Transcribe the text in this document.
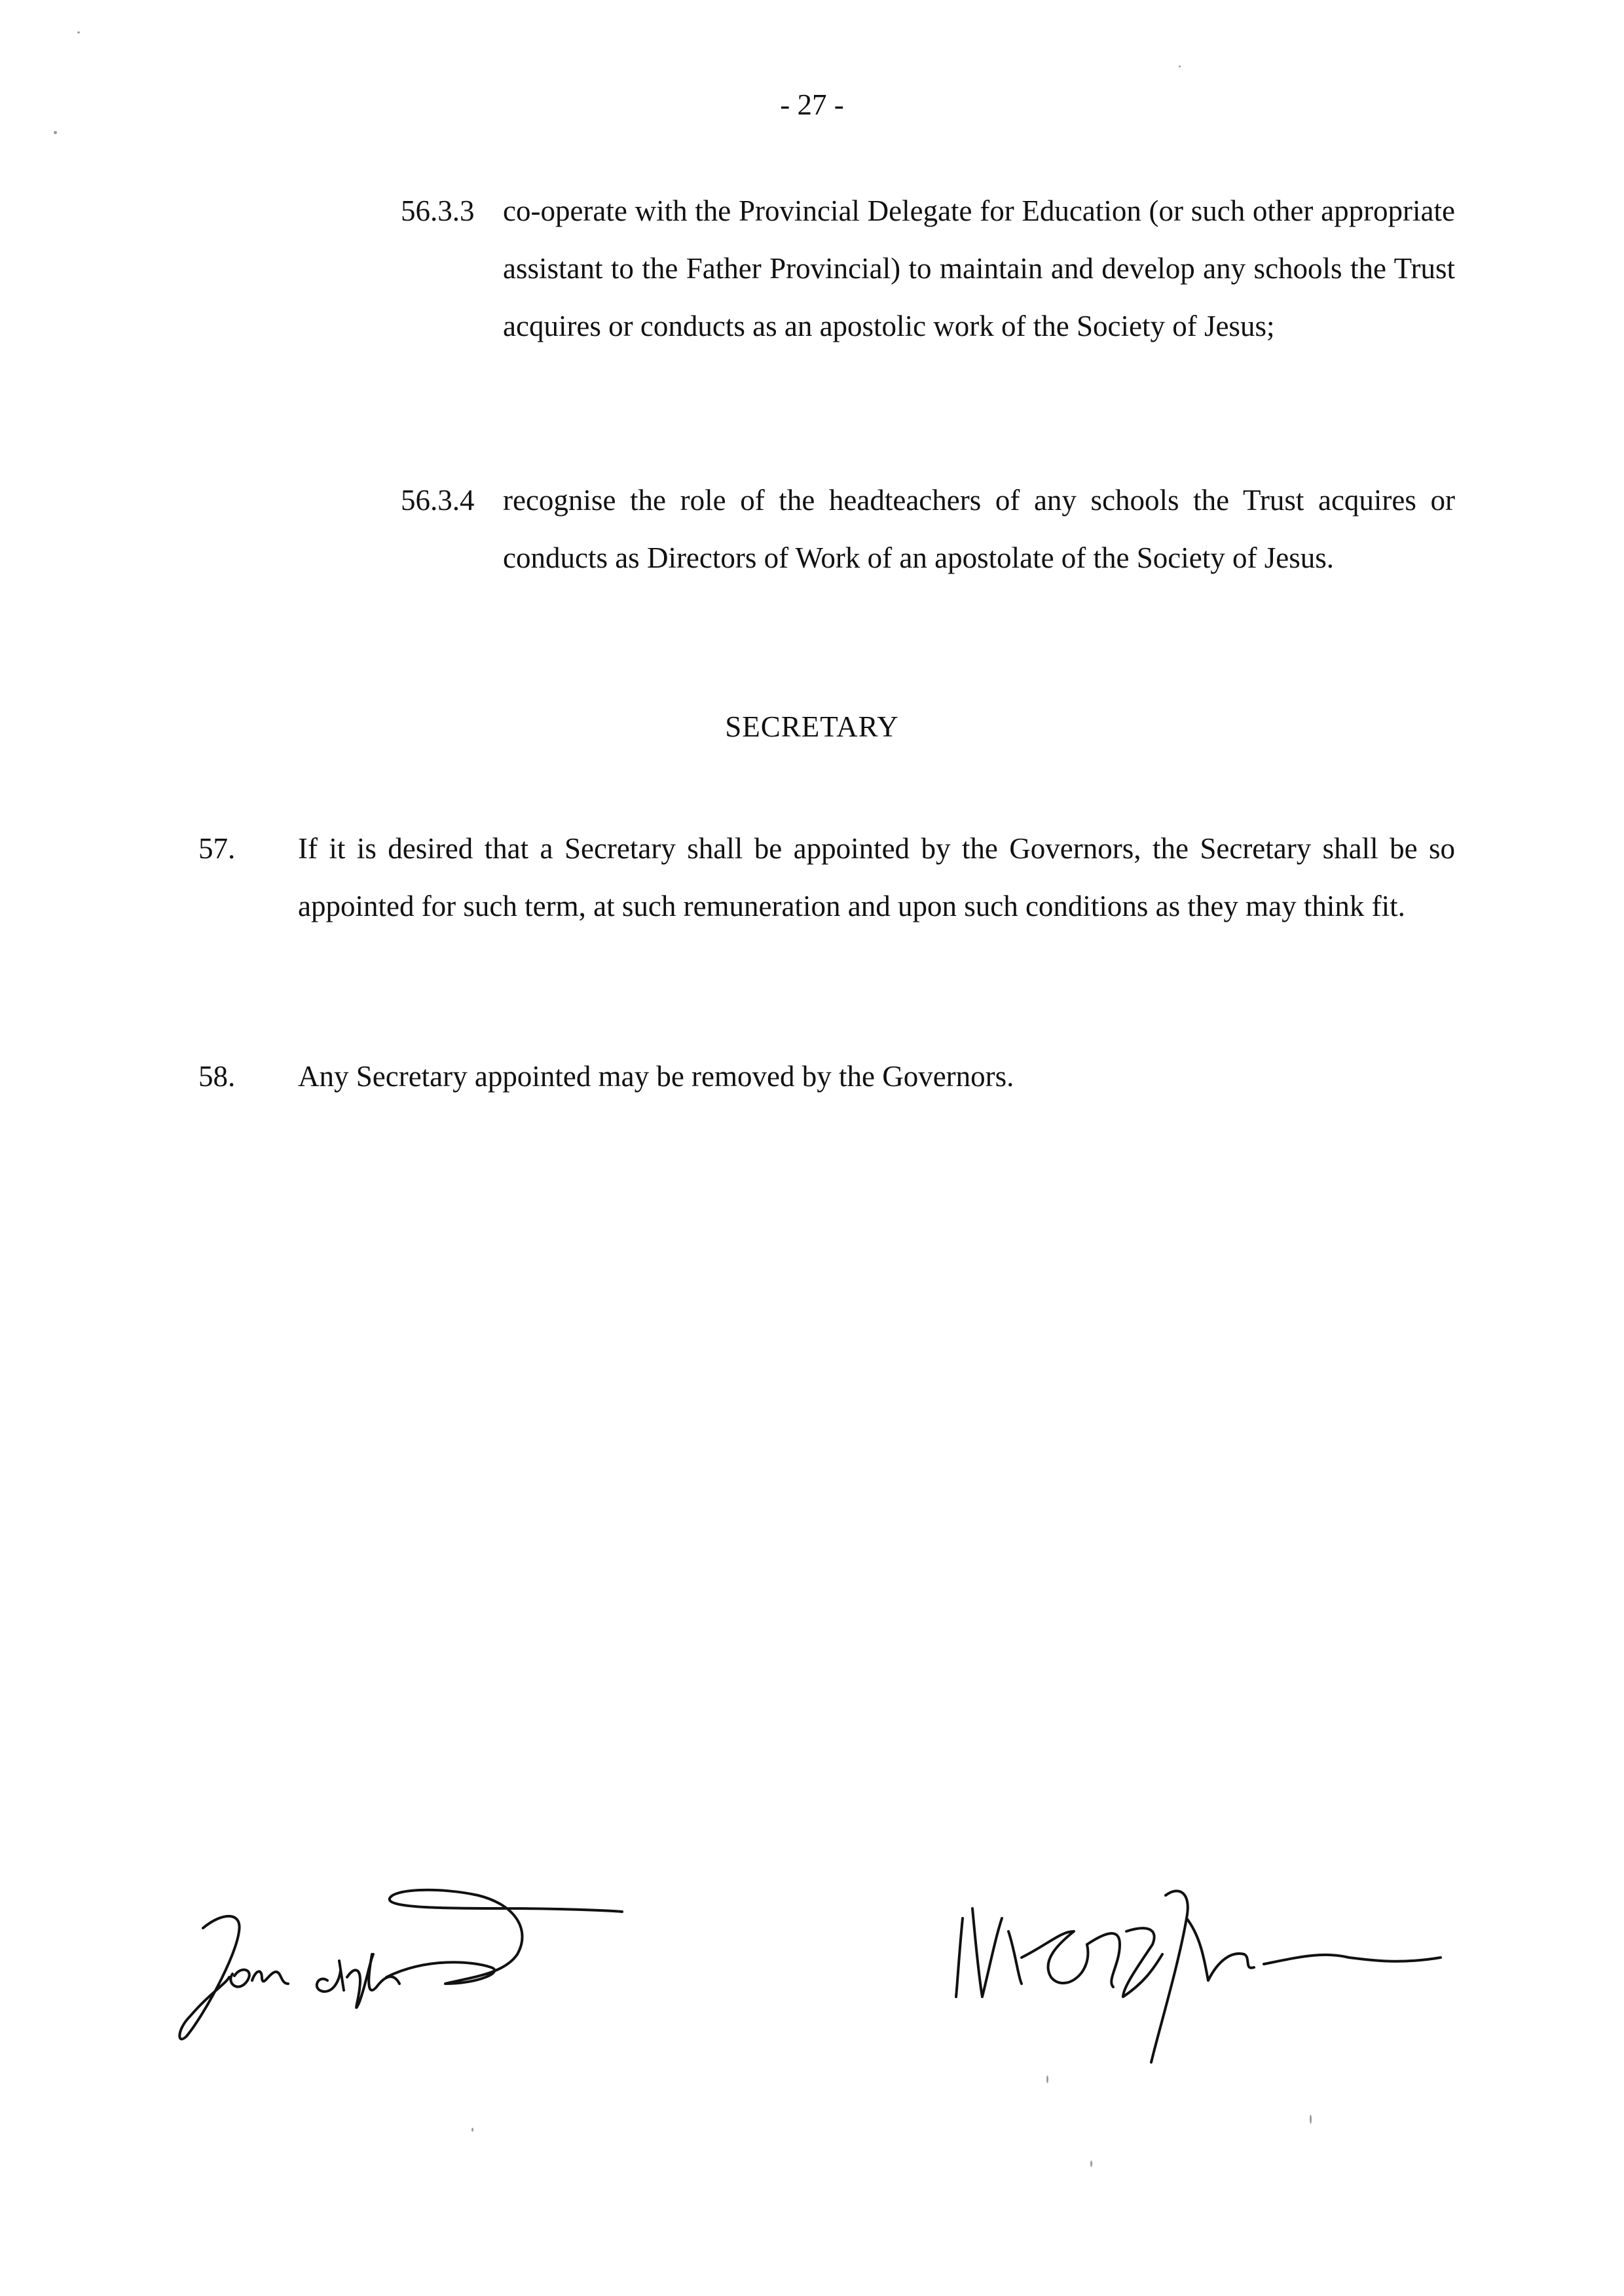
- 27 -
56.3.3 co-operate with the Provincial Delegate for Education (or such other appropriate assistant to the Father Provincial) to maintain and develop any schools the Trust acquires or conducts as an apostolic work of the Society of Jesus;
56.3.4 recognise the role of the headteachers of any schools the Trust acquires or conducts as Directors of Work of an apostolate of the Society of Jesus.
SECRETARY
57. If it is desired that a Secretary shall be appointed by the Governors, the Secretary shall be so appointed for such term, at such remuneration and upon such conditions as they may think fit.
58. Any Secretary appointed may be removed by the Governors.
